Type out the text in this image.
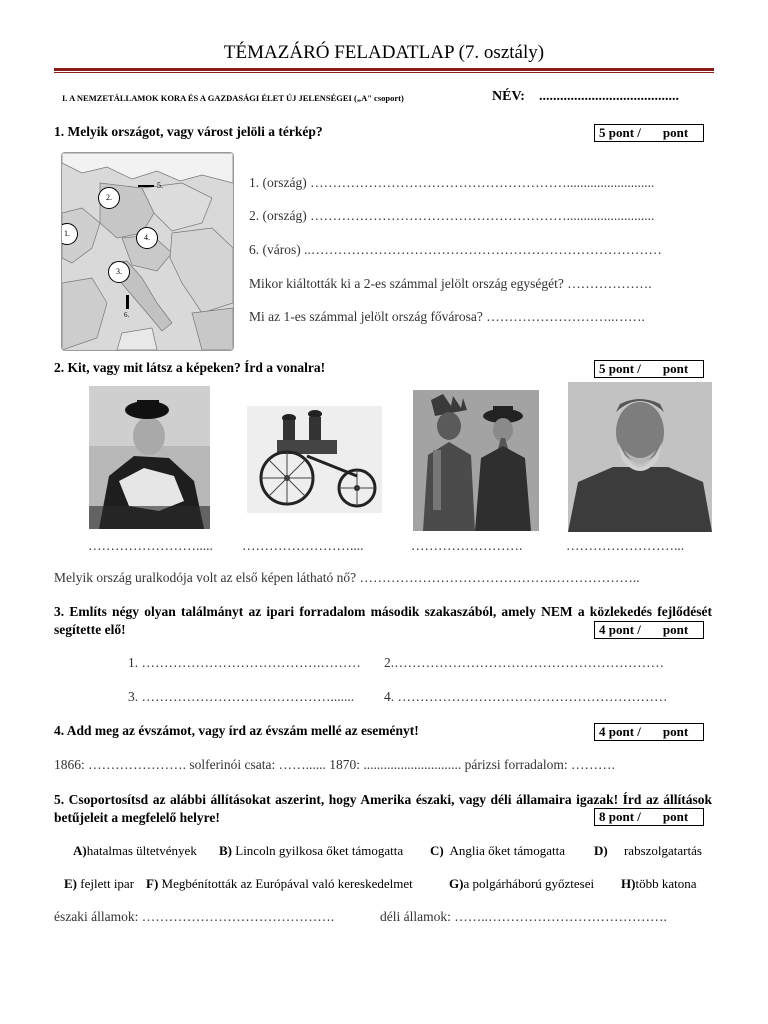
TÉMAZÁRÓ FELADATLAP (7. osztály)
I. A NEMZETÁLLAMOK KORA ÉS A GAZDASÁGI ÉLET ÚJ JELENSÉGEI („A" csoport)	NÉV: ........................................
1. Melyik országot, vagy várost jelöli a térkép?	5 pont / pont
2.
5.
1.	4.
3.
6.
1. (ország) …………………………………………………..........................
2. (ország) …………………………………………………..........................
6. (város) ..……………………………………………………………………
Mikor kiáltották ki a 2-es számmal jelölt ország egységét? ……………….
Mi az 1-es számmal jelölt ország fővárosa? ………………………..…….
2. Kit, vagy mit látsz a képeken? Írd a vonalra!	5 pont / pont
……………………..... ……………………....	…………………….	……………………...
Melyik ország uralkodója volt az első képen látható nő? …………………………………….………………..
3. Említs négy olyan találmányt az ipari forradalom második szakaszából, amely NEM a közlekedés fejlődését segítette elő!	4 pont / pont
1. ………………………………….……… 2.……………………………………………………
3. ……………………………………....... 4. ……………………………………………………
4. Add meg az évszámot, vagy írd az évszám mellé az eseményt!	4 pont / pont
1866: …………………. solferinói csata: ……...... 1870: ............................. párizsi forradalom: ……….
5. Csoportosítsd az alábbi állításokat aszerint, hogy Amerika északi, vagy déli államaira igazak! Írd az állítások betűjeleit a megfelelő helyre!	8 pont / pont
A)hatalmas ültetvények B) Lincoln gyilkosa őket támogatta C) Anglia őket támogatta D) rabszolgatartás
E) fejlett ipar F) Megbénították az Európával való kereskedelmet	G)a polgárháború győztesei H)több katona
északi államok: …………………………………….	déli államok: ……..………………………………….
